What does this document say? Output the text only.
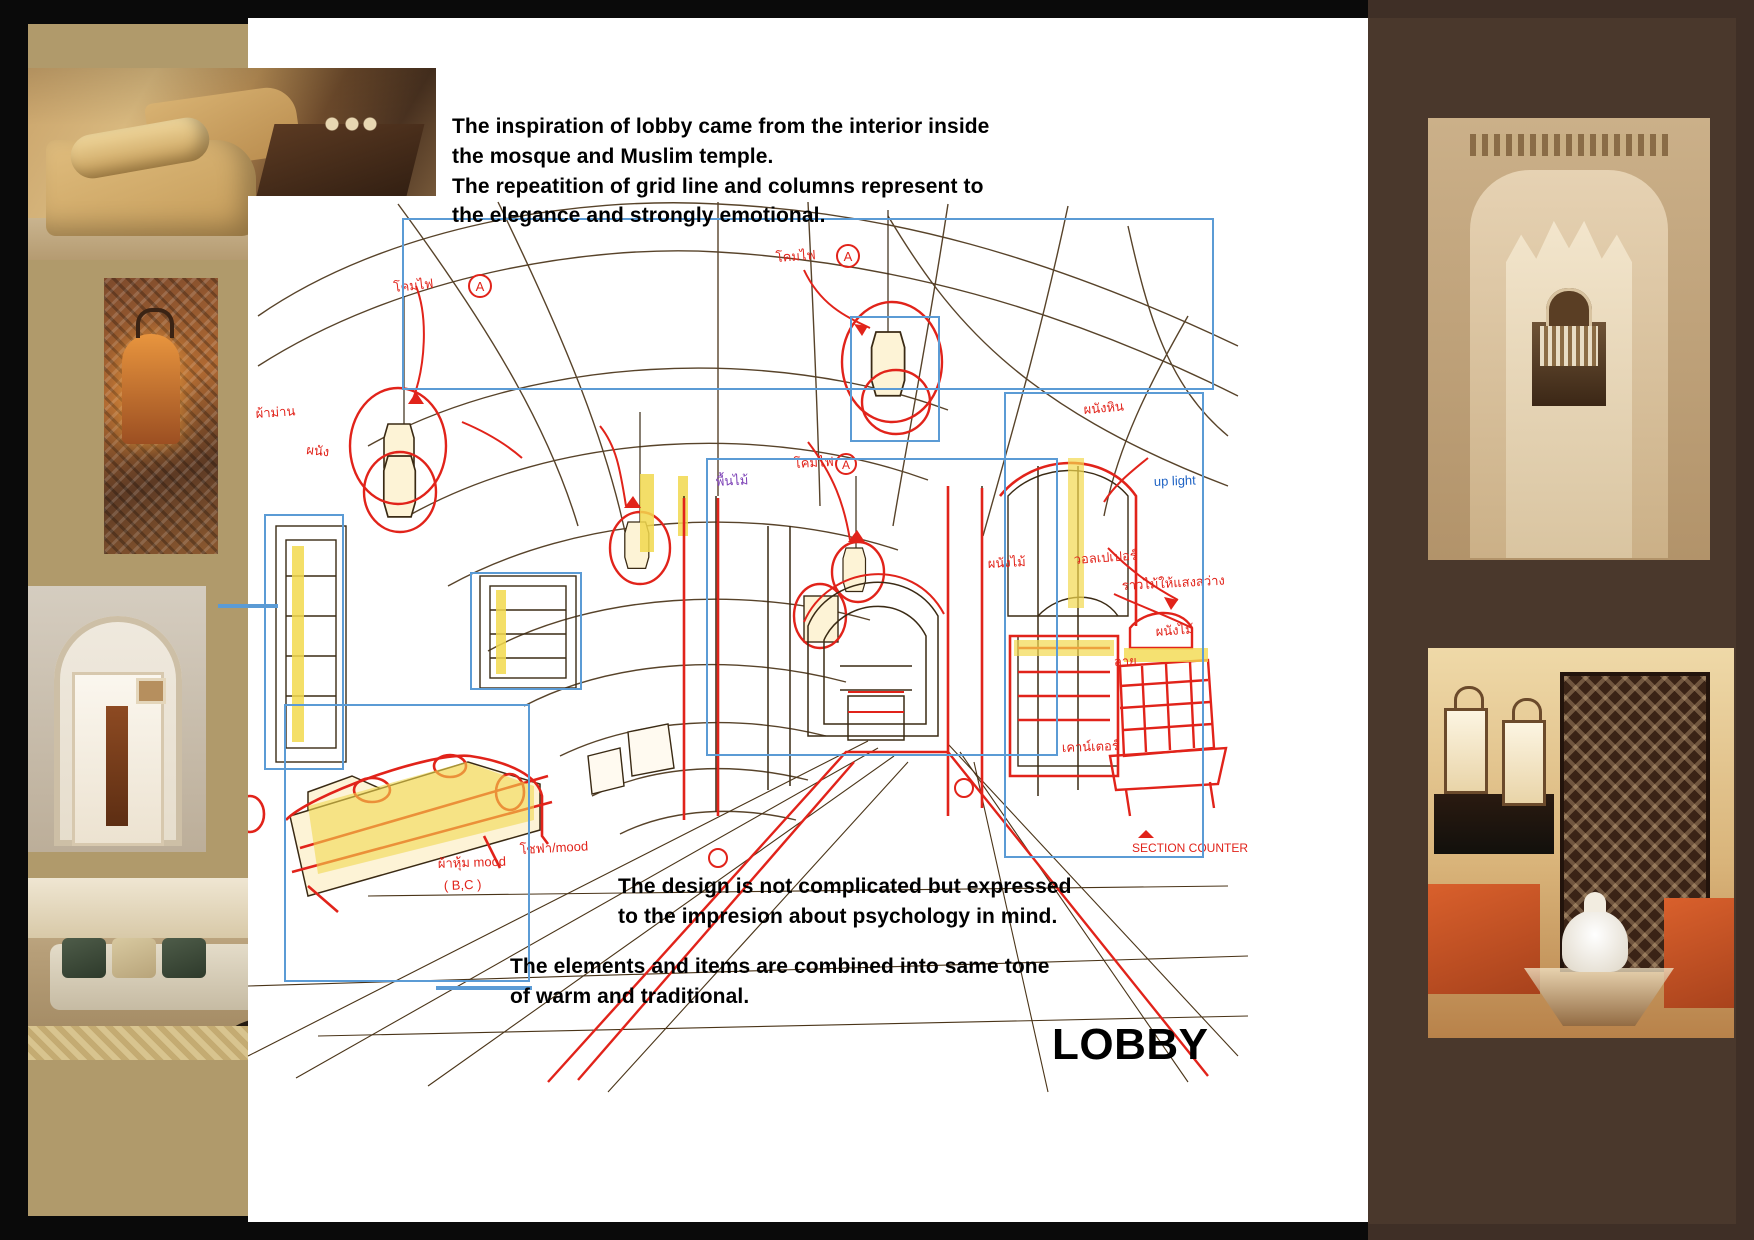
A
A
A
โคมไฟ
โคมไฟ
โคมไฟ
ผ้าม่าน
ผนัง
ผนังหิน
ผนังไม้	วอลเปเปอร์
ราวไม้ให้แสงสว่าง
ผนังไม้
ลาย
เคาน์เตอร์
พื้นไม้	up light
โซฟา/mood
ผ้าหุ้ม mood
( B,C )
SECTION COUNTER
The inspiration of lobby came from the interior inside
the mosque and Muslim temple.
The repeatition of grid line and columns represent to
the elegance and strongly emotional.
The design is not complicated but expressed
to the impresion about psychology in mind.
The elements and items are combined into same tone
of warm and traditional.
LOBBY
